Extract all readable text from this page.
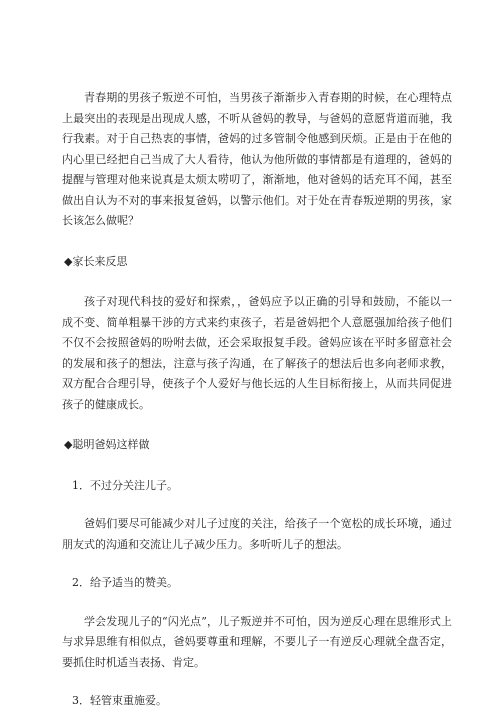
青春期的男孩子叛逆不可怕，当男孩子渐渐步入青春期的时候，在心理特点上最突出的表现是出现成人感，不听从爸妈的教导，与爸妈的意愿背道而驰，我行我素。对于自己热衷的事情，爸妈的过多管制令他感到厌烦。正是由于在他的内心里已经把自己当成了大人看待，他认为他所做的事情都是有道理的，爸妈的提醒与管理对他来说真是太烦太唠叨了，渐渐地，他对爸妈的话充耳不闻，甚至做出自认为不对的事来报复爸妈，以警示他们。对于处在青春叛逆期的男孩，家长该怎么做呢？

◆家长来反思

孩子对现代科技的爱好和探索，，爸妈应予以正确的引导和鼓励，不能以一成不变、简单粗暴干涉的方式来约束孩子，若是爸妈把个人意愿强加给孩子他们不仅不会按照爸妈的吩咐去做，还会采取报复手段。爸妈应该在平时多留意社会的发展和孩子的想法，注意与孩子沟通，在了解孩子的想法后也多向老师求教，双方配合合理引导，使孩子个人爱好与他长远的人生目标衔接上，从而共同促进孩子的健康成长。

◆聪明爸妈这样做

1．不过分关注儿子。

爸妈们要尽可能减少对儿子过度的关注，给孩子一个宽松的成长环境，通过朋友式的沟通和交流让儿子减少压力。多听听儿子的想法。

2．给予适当的赞美。

学会发现儿子的“闪光点”，儿子叛逆并不可怕，因为逆反心理在思维形式上与求异思维有相似点，爸妈要尊重和理解，不要儿子一有逆反心理就全盘否定，要抓住时机适当表扬、肯定。

3．轻管束重施爱。
